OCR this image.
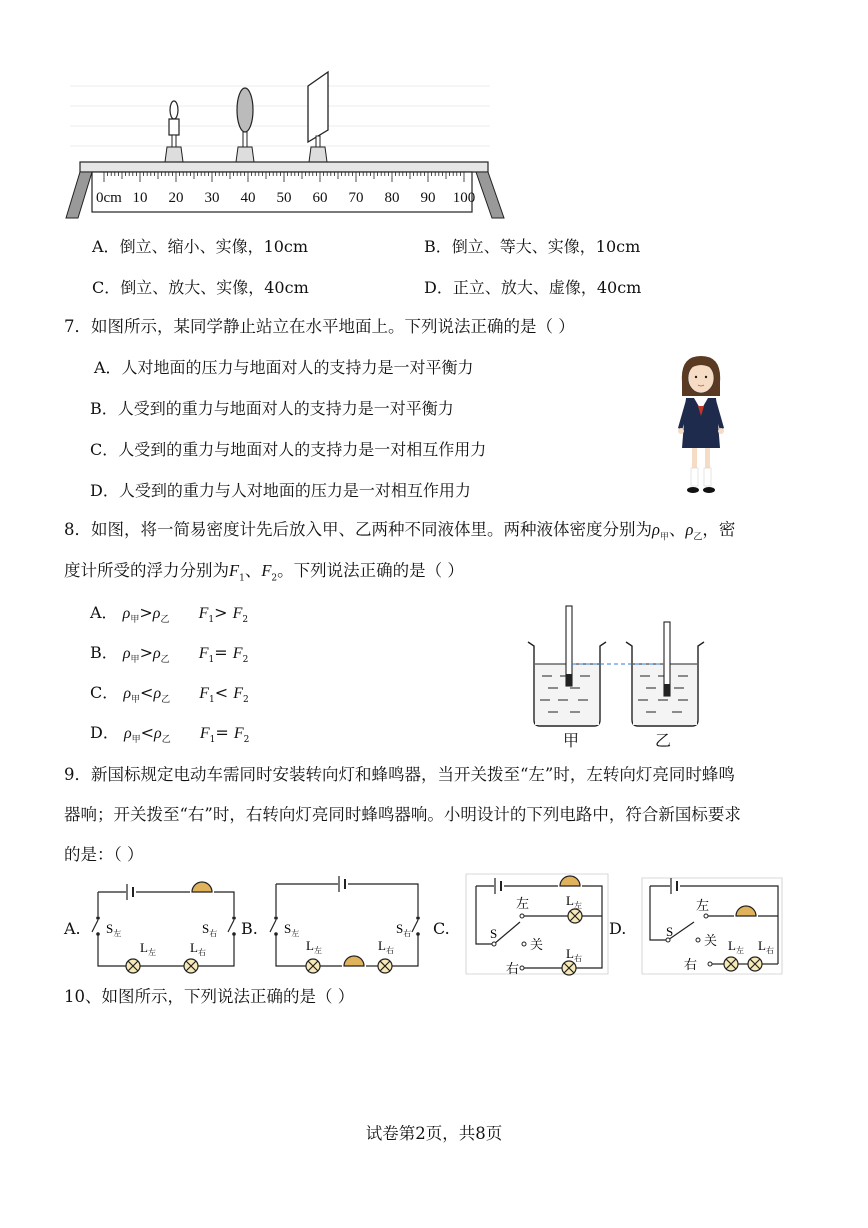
0cm 10 20 30 40 50 60 70 80 90 100
A．倒立、缩小、实像，10cm	B．倒立、等大、实像，10cm
C．倒立、放大、实像，40cm	D．正立、放大、虚像，40cm
7．如图所示，某同学静止站立在水平地面上。下列说法正确的是（ ）
A．人对地面的压力与地面对人的支持力是一对平衡力
B．人受到的重力与地面对人的支持力是一对平衡力
C．人受到的重力与地面对人的支持力是一对相互作用力
D．人受到的重力与人对地面的压力是一对相互作用力
8．如图，将一简易密度计先后放入甲、乙两种不同液体里。两种液体密度分别为$\rho_甲$、$\rho_乙$，密
度计所受的浮力分别为$F_1$、$F_2$。下列说法正确的是（ ）
A． $\rho_甲>\rho_乙$ $F_1> F_2$
B． $\rho_甲>\rho_乙$ $F_1= F_2$
C． $\rho_甲<\rho_乙$ $F_1< F_2$
D． $\rho_甲<\rho_乙$ $F_1= F_2$	甲	乙
9．新国标规定电动车需同时安装转向灯和蜂鸣器，当开关拨至“左”时，左转向灯亮同时蜂鸣
器响；开关拨至“右”时，右转向灯亮同时蜂鸣器响。小明设计的下列电路中，符合新国标要求
的是：（ ）
A.	B.	C.	D.
$S_左$	$S_右$
$L_左$	$L_右$
$S_左$	$S_右$
$L_左$	$L_右$
S
左
关
右
$L_左$
$L_右$
S
左
关
右
$L_左$ $L_右$
10、如图所示，下列说法正确的是（ ）
试卷第2页，共8页
